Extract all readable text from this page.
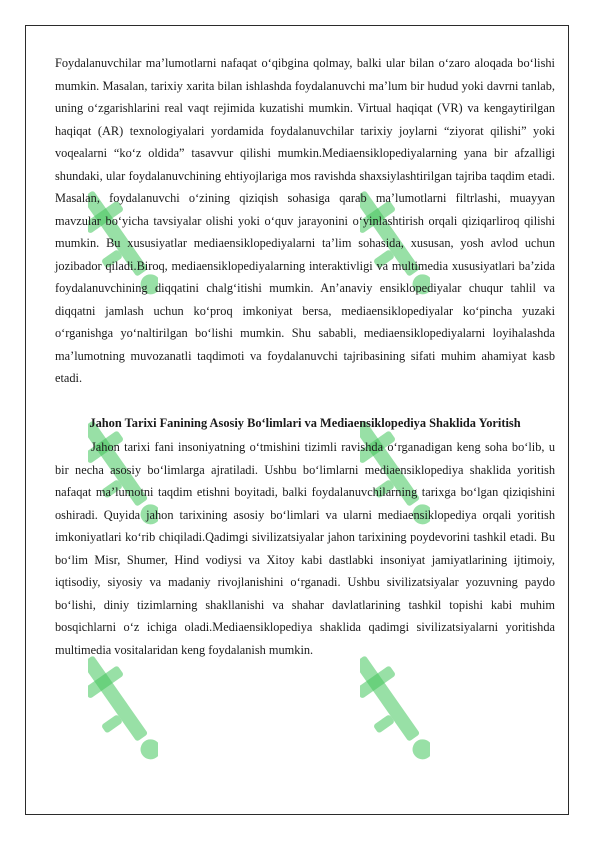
Foydalanuvchilar maʼlumotlarni nafaqat oʻqibgina qolmay, balki ular bilan oʻzaro aloqada boʻlishi mumkin. Masalan, tarixiy xarita bilan ishlashda foydalanuvchi maʼlum bir hudud yoki davrni tanlab, uning oʻzgarishlarini real vaqt rejimida kuzatishi mumkin. Virtual haqiqat (VR) va kengaytirilgan haqiqat (AR) texnologiyalari yordamida foydalanuvchilar tarixiy joylarni “ziyorat qilishi” yoki voqealarni “koʻz oldida” tasavvur qilishi mumkin.Mediaensiklopediyalarning yana bir afzalligi shundaki, ular foydalanuvchining ehtiyojlariga mos ravishda shaxsiylashtirilgan tajriba taqdim etadi. Masalan, foydalanuvchi oʻzining qiziqish sohasiga qarab maʼlumotlarni filtrlashi, muayyan mavzular boʻyicha tavsiyalar olishi yoki oʻquv jarayonini oʻyinlashtirish orqali qiziqarliroq qilishi mumkin. Bu xususiyatlar mediaensiklopediyalarni taʼlim sohasida, xususan, yosh avlod uchun jozibador qiladi.Biroq, mediaensiklopediyalarning interaktivligi va multimedia xususiyatlari baʼzida foydalanuvchining diqqatini chalgʻitishi mumkin. Anʼanaviy ensiklopediyalar chuqur tahlil va diqqatni jamlash uchun koʻproq imkoniyat bersa, mediaensiklopediyalar koʻpincha yuzaki oʻrganishga yoʻnaltirilgan boʻlishi mumkin. Shu sababli, mediaensiklopediyalarni loyihalashda maʼlumotning muvozanatli taqdimoti va foydalanuvchi tajribasining sifati muhim ahamiyat kasb etadi.

Jahon Tarixi Fanining Asosiy Boʻlimlari va Mediaensiklopediya Shaklida Yoritish

Jahon tarixi fani insoniyatning oʻtmishini tizimli ravishda oʻrganadigan keng soha boʻlib, u bir necha asosiy boʻlimlarga ajratiladi. Ushbu boʻlimlarni mediaensiklopediya shaklida yoritish nafaqat maʼlumotni taqdim etishni boyitadi, balki foydalanuvchilarning tarixga boʻlgan qiziqishini oshiradi. Quyida jahon tarixining asosiy boʻlimlari va ularni mediaensiklopediya orqali yoritish imkoniyatlari koʻrib chiqiladi.Qadimgi sivilizatsiyalar jahon tarixining poydevorini tashkil etadi. Bu boʻlim Misr, Shumer, Hind vodiysi va Xitoy kabi dastlabki insoniyat jamiyatlarining ijtimoiy, iqtisodiy, siyosiy va madaniy rivojlanishini oʻrganadi. Ushbu sivilizatsiyalar yozuvning paydo boʻlishi, diniy tizimlarning shakllanishi va shahar davlatlarining tashkil topishi kabi muhim bosqichlarni oʻz ichiga oladi.Mediaensiklopediya shaklida qadimgi sivilizatsiyalarni yoritishda multimedia vositalaridan keng foydalanish mumkin.
